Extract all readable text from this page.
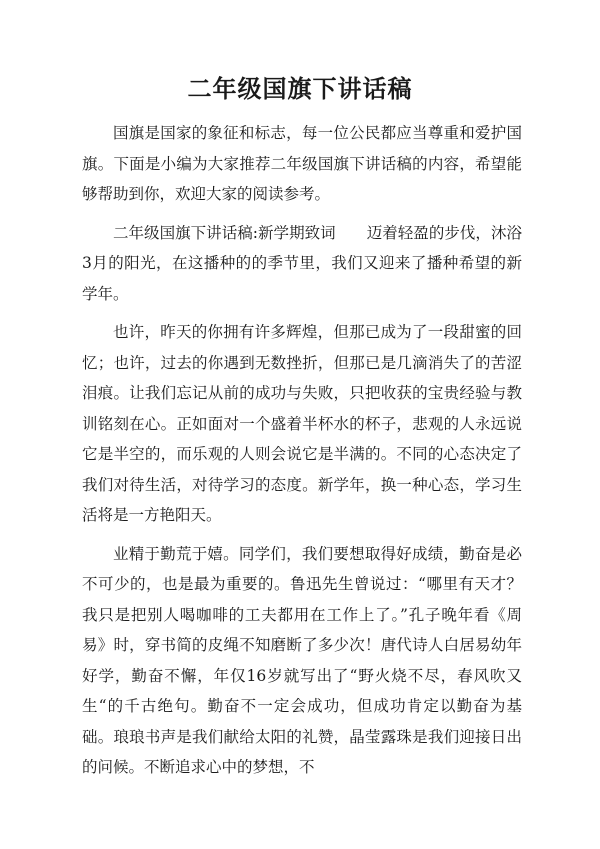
二年级国旗下讲话稿

国旗是国家的象征和标志，每一位公民都应当尊重和爱护国旗。下面是小编为大家推荐二年级国旗下讲话稿的内容，希望能够帮助到你，欢迎大家的阅读参考。

二年级国旗下讲话稿:新学期致词　　迈着轻盈的步伐，沐浴3月的阳光，在这播种的的季节里，我们又迎来了播种希望的新学年。

也许，昨天的你拥有许多辉煌，但那已成为了一段甜蜜的回忆；也许，过去的你遇到无数挫折，但那已是几滴消失了的苦涩泪痕。让我们忘记从前的成功与失败，只把收获的宝贵经验与教训铭刻在心。正如面对一个盛着半杯水的杯子，悲观的人永远说它是半空的，而乐观的人则会说它是半满的。不同的心态决定了我们对待生活，对待学习的态度。新学年，换一种心态，学习生活将是一方艳阳天。

业精于勤荒于嬉。同学们，我们要想取得好成绩，勤奋是必不可少的，也是最为重要的。鲁迅先生曾说过：“哪里有天才？我只是把别人喝咖啡的工夫都用在工作上了。”孔子晚年看《周易》时，穿书简的皮绳不知磨断了多少次！唐代诗人白居易幼年好学，勤奋不懈，年仅16岁就写出了“野火烧不尽，春风吹又生“的千古绝句。勤奋不一定会成功，但成功肯定以勤奋为基础。琅琅书声是我们献给太阳的礼赞，晶莹露珠是我们迎接日出的问候。不断追求心中的梦想，不
